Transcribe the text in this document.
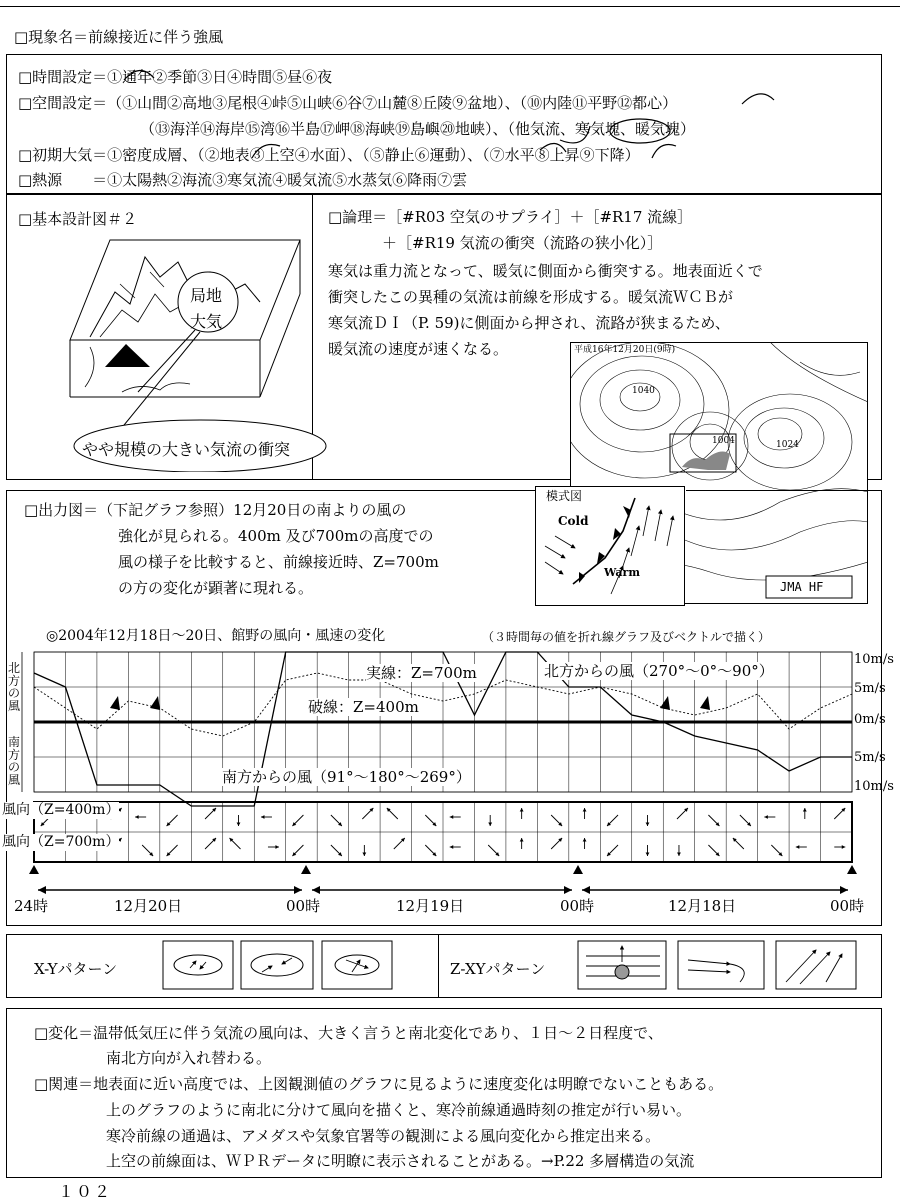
□現象名＝前線接近に伴う強風
□時間設定＝①通年②季節③日④時間⑤昼⑥夜
□空間設定＝（①山間②高地③尾根④峠⑤山峡⑥谷⑦山麓⑧丘陵⑨盆地）、（⑩内陸⑪平野⑫都心）
（⑬海洋⑭海岸⑮湾⑯半島⑰岬⑱海峡⑲島嶼⑳地峡）、（他気流、寒気塊、暖気塊）
□初期大気＝①密度成層、（②地表③上空④水面）、（⑤静止⑥運動）、（⑦水平⑧上昇⑨下降）
□熱源　　＝①太陽熱②海流③寒気流④暖気流⑤水蒸気⑥降雨⑦雲
□基本設計図＃２
局地
大気
やや規模の大きい気流の衝突
□論理＝［#R03 空気のサプライ］＋［#R17 流線］
＋［#R19 気流の衝突（流路の狭小化）］
寒気は重力流となって、暖気に側面から衝突する。地表面近くで
衝突したこの異種の気流は前線を形成する。暖気流ＷＣＢが
寒気流ＤＩ（P. 59)に側面から押され、流路が狭まるため、
暖気流の速度が速くなる。	平成16年12月20日(9時)
1040
1004	1024
JMA HF
模式図
Cold
Warm
□出力図＝（下記グラフ参照）12月20日の南よりの風の
強化が見られる。400m 及び700mの高度での
風の様子を比較すると、前線接近時、Z=700m
の方の変化が顕著に現れる。
◎2004年12月18日〜20日、館野の風向・風速の変化	（３時間毎の値を折れ線グラフ及びベクトルで描く）
北方の風
南方の風
10m/s
5m/s
0m/s
5m/s
10m/s
実線：Z=700m
破線：Z=400m
北方からの風（270°〜0°〜90°）
南方からの風（91°〜180°〜269°）
風向（Z=400m）
風向（Z=700m）
24時	12月20日	00時	12月19日	00時	12月18日	00時
X-Yパターン	Z-XYパターン
□変化＝温帯低気圧に伴う気流の風向は、大きく言うと南北変化であり、１日〜２日程度で、
南北方向が入れ替わる。
□関連＝地表面に近い高度では、上図観測値のグラフに見るように速度変化は明瞭でないこともある。
上のグラフのように南北に分けて風向を描くと、寒冷前線通過時刻の推定が行い易い。
寒冷前線の通過は、アメダスや気象官署等の観測による風向変化から推定出来る。
上空の前線面は、ＷＰＲデータに明瞭に表示されることがある。→P.22 多層構造の気流
１０２
